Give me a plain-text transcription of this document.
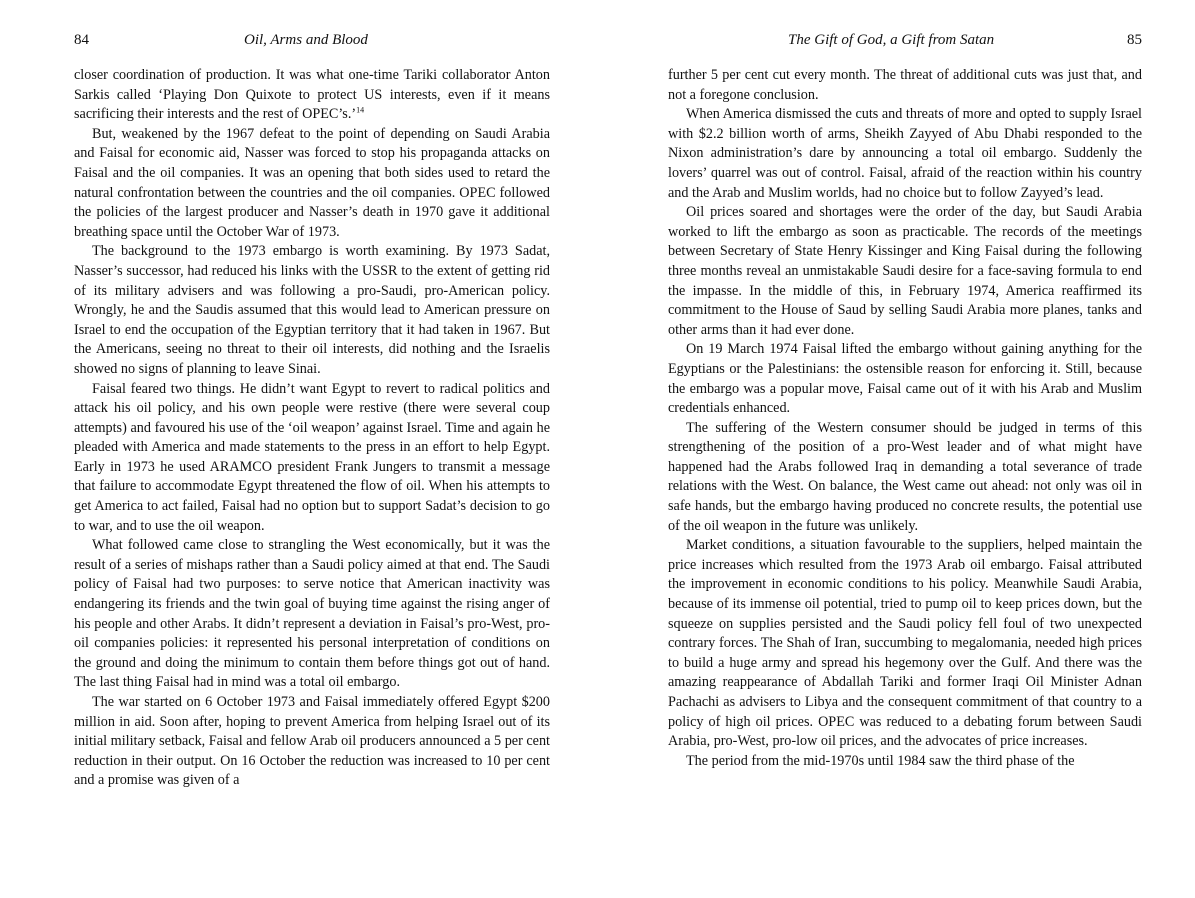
84	Oil, Arms and Blood

closer coordination of production. It was what one-time Tariki collaborator Anton Sarkis called ‘Playing Don Quixote to protect US interests, even if it means sacrificing their interests and the rest of OPEC’s.’$^{14}$

But, weakened by the 1967 defeat to the point of depending on Saudi Arabia and Faisal for economic aid, Nasser was forced to stop his propaganda attacks on Faisal and the oil companies. It was an opening that both sides used to retard the natural confrontation between the countries and the oil companies. OPEC followed the policies of the largest producer and Nasser’s death in 1970 gave it additional breathing space until the October War of 1973.

The background to the 1973 embargo is worth examining. By 1973 Sadat, Nasser’s successor, had reduced his links with the USSR to the extent of getting rid of its military advisers and was following a pro-Saudi, pro-American policy. Wrongly, he and the Saudis assumed that this would lead to American pressure on Israel to end the occupation of the Egyptian territory that it had taken in 1967. But the Americans, seeing no threat to their oil interests, did nothing and the Israelis showed no signs of planning to leave Sinai.

Faisal feared two things. He didn’t want Egypt to revert to radical politics and attack his oil policy, and his own people were restive (there were several coup attempts) and favoured his use of the ‘oil weapon’ against Israel. Time and again he pleaded with America and made statements to the press in an effort to help Egypt. Early in 1973 he used ARAMCO president Frank Jungers to transmit a message that failure to accommodate Egypt threatened the flow of oil. When his attempts to get America to act failed, Faisal had no option but to support Sadat’s decision to go to war, and to use the oil weapon.

What followed came close to strangling the West economically, but it was the result of a series of mishaps rather than a Saudi policy aimed at that end. The Saudi policy of Faisal had two purposes: to serve notice that American inactivity was endangering its friends and the twin goal of buying time against the rising anger of his people and other Arabs. It didn’t represent a deviation in Faisal’s pro-West, pro-oil companies policies: it represented his personal interpretation of conditions on the ground and doing the minimum to contain them before things got out of hand. The last thing Faisal had in mind was a total oil embargo.

The war started on 6 October 1973 and Faisal immediately offered Egypt $200 million in aid. Soon after, hoping to prevent America from helping Israel out of its initial military setback, Faisal and fellow Arab oil producers announced a 5 per cent reduction in their output. On 16 October the reduction was increased to 10 per cent and a promise was given of a

The Gift of God, a Gift from Satan	85

further 5 per cent cut every month. The threat of additional cuts was just that, and not a foregone conclusion.

When America dismissed the cuts and threats of more and opted to supply Israel with $2.2 billion worth of arms, Sheikh Zayyed of Abu Dhabi responded to the Nixon administration’s dare by announcing a total oil embargo. Suddenly the lovers’ quarrel was out of control. Faisal, afraid of the reaction within his country and the Arab and Muslim worlds, had no choice but to follow Zayyed’s lead.

Oil prices soared and shortages were the order of the day, but Saudi Arabia worked to lift the embargo as soon as practicable. The records of the meetings between Secretary of State Henry Kissinger and King Faisal during the following three months reveal an unmistakable Saudi desire for a face-saving formula to end the impasse. In the middle of this, in February 1974, America reaffirmed its commitment to the House of Saud by selling Saudi Arabia more planes, tanks and other arms than it had ever done.

On 19 March 1974 Faisal lifted the embargo without gaining anything for the Egyptians or the Palestinians: the ostensible reason for enforcing it. Still, because the embargo was a popular move, Faisal came out of it with his Arab and Muslim credentials enhanced.

The suffering of the Western consumer should be judged in terms of this strengthening of the position of a pro-West leader and of what might have happened had the Arabs followed Iraq in demanding a total severance of trade relations with the West. On balance, the West came out ahead: not only was oil in safe hands, but the embargo having produced no concrete results, the potential use of the oil weapon in the future was unlikely.

Market conditions, a situation favourable to the suppliers, helped maintain the price increases which resulted from the 1973 Arab oil embargo. Faisal attributed the improvement in economic conditions to his policy. Meanwhile Saudi Arabia, because of its immense oil potential, tried to pump oil to keep prices down, but the squeeze on supplies persisted and the Saudi policy fell foul of two unexpected contrary forces. The Shah of Iran, succumbing to megalomania, needed high prices to build a huge army and spread his hegemony over the Gulf. And there was the amazing reappearance of Abdallah Tariki and former Iraqi Oil Minister Adnan Pachachi as advisers to Libya and the consequent commitment of that country to a policy of high oil prices. OPEC was reduced to a debating forum between Saudi Arabia, pro-West, pro-low oil prices, and the advocates of price increases.

The period from the mid-1970s until 1984 saw the third phase of the
